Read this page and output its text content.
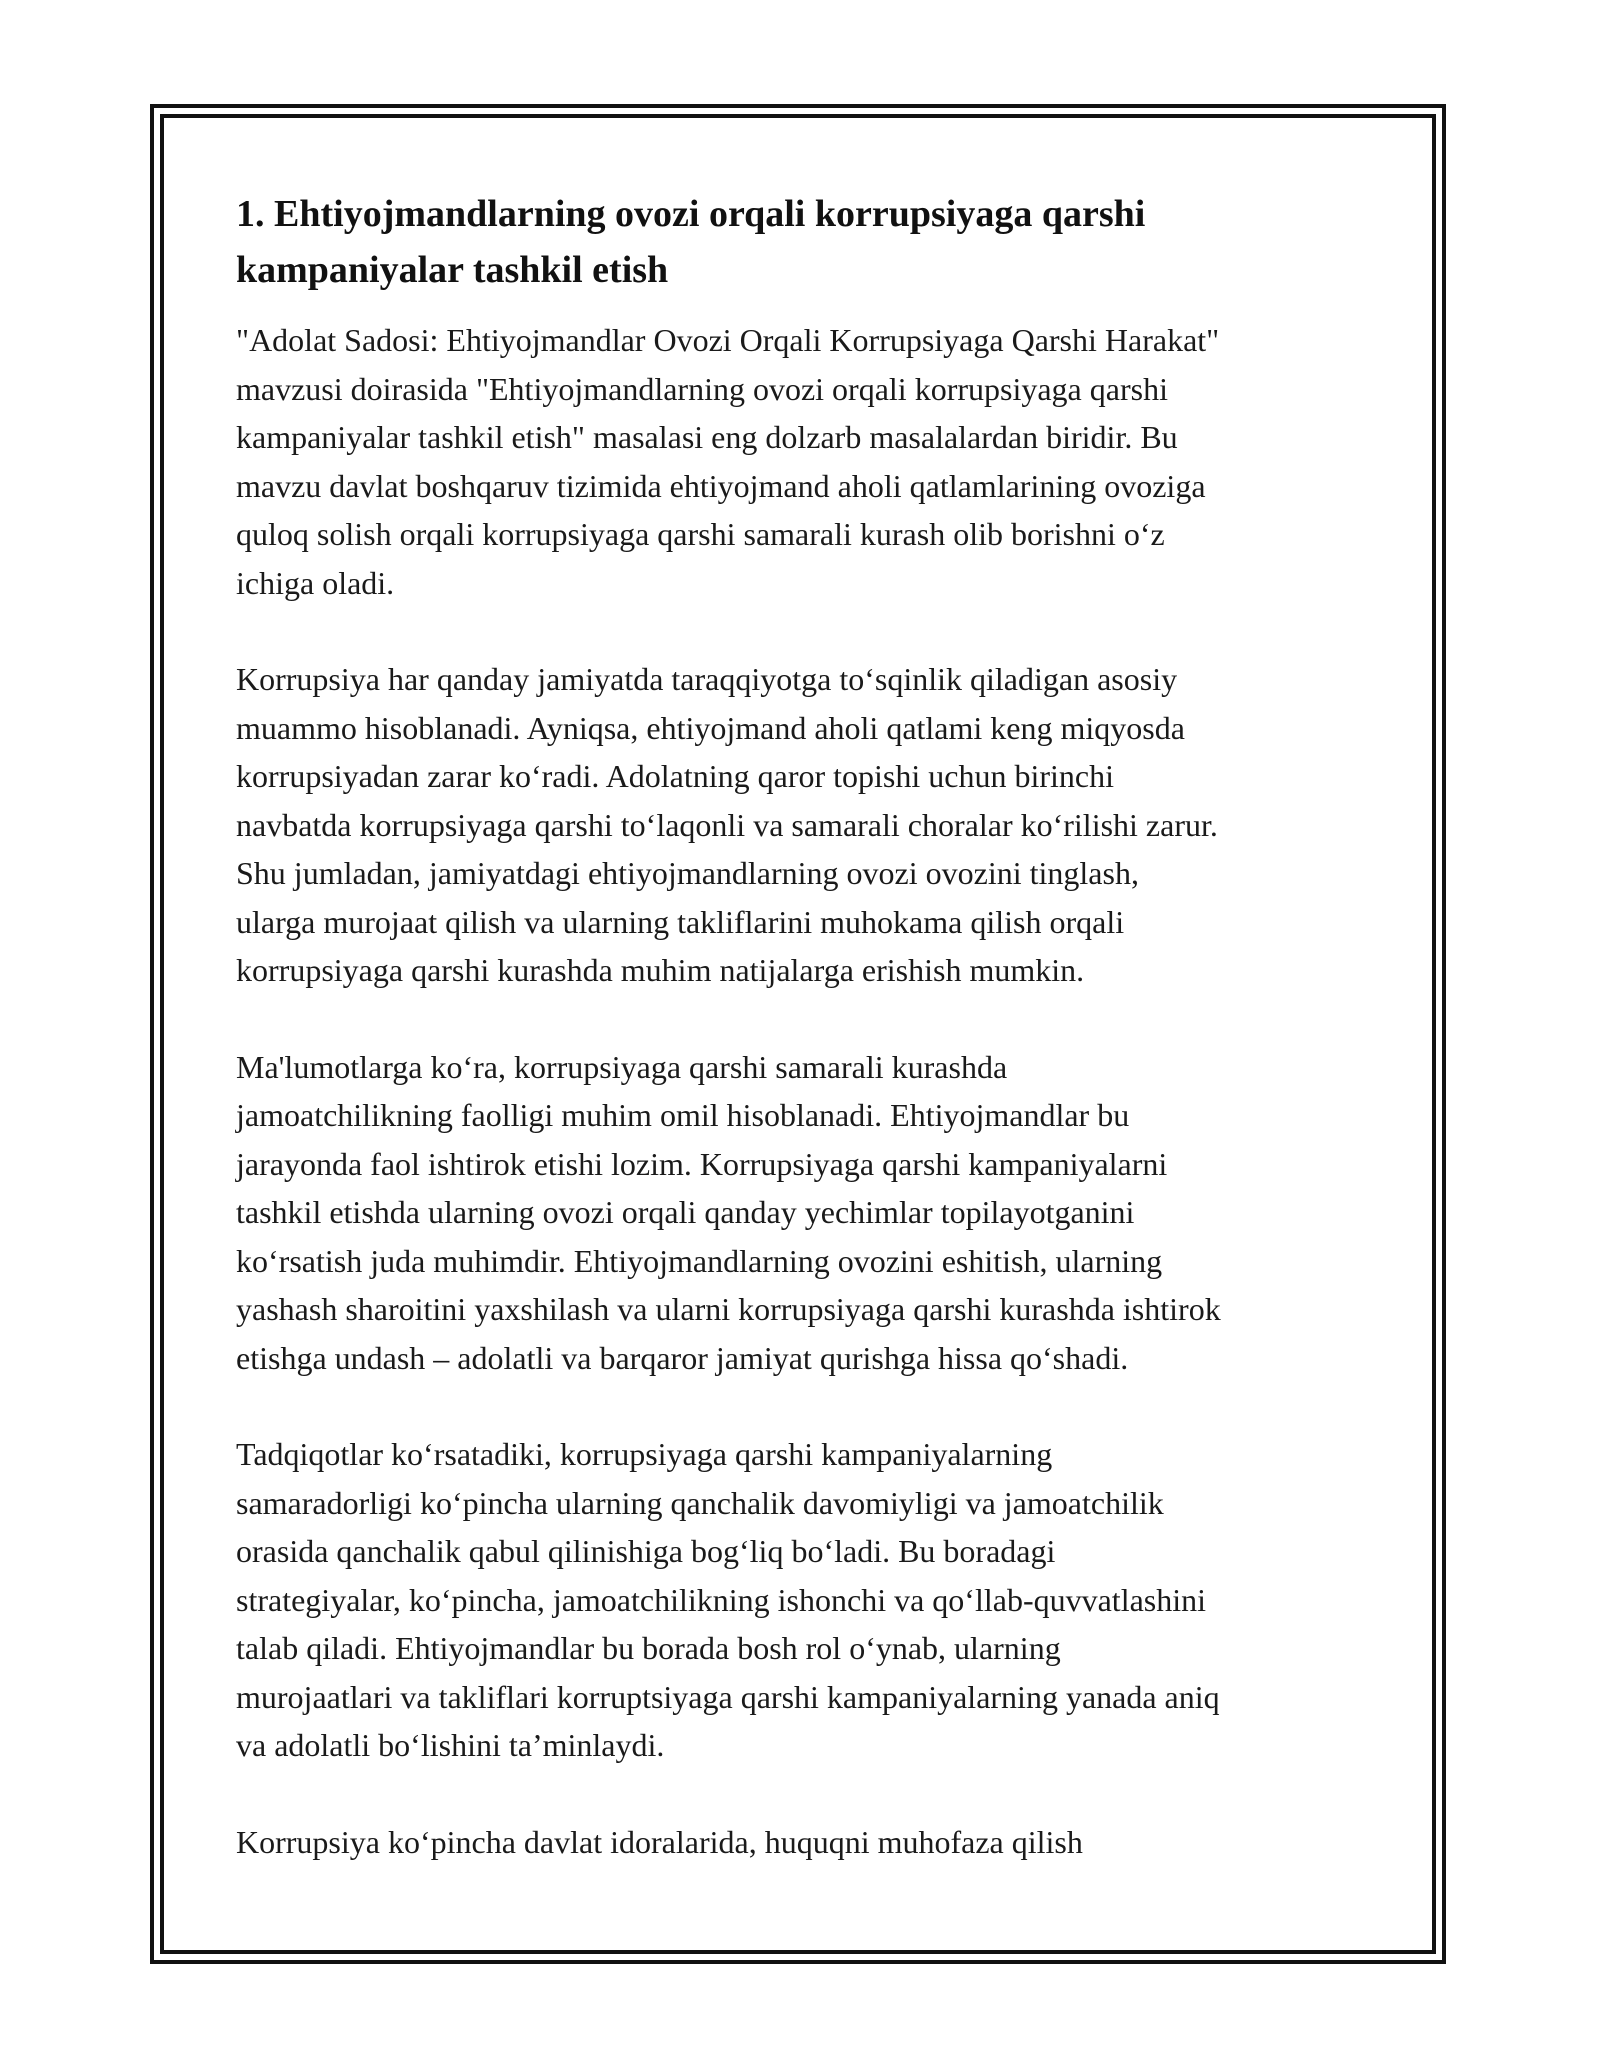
1. Ehtiyojmandlarning ovozi orqali korrupsiyaga qarshi
kampaniyalar tashkil etish

"Adolat Sadosi: Ehtiyojmandlar Ovozi Orqali Korrupsiyaga Qarshi Harakat"
mavzusi doirasida "Ehtiyojmandlarning ovozi orqali korrupsiyaga qarshi
kampaniyalar tashkil etish" masalasi eng dolzarb masalalardan biridir. Bu
mavzu davlat boshqaruv tizimida ehtiyojmand aholi qatlamlarining ovoziga
quloq solish orqali korrupsiyaga qarshi samarali kurash olib borishni o‘z
ichiga oladi.

Korrupsiya har qanday jamiyatda taraqqiyotga to‘sqinlik qiladigan asosiy
muammo hisoblanadi. Ayniqsa, ehtiyojmand aholi qatlami keng miqyosda
korrupsiyadan zarar ko‘radi. Adolatning qaror topishi uchun birinchi
navbatda korrupsiyaga qarshi to‘laqonli va samarali choralar ko‘rilishi zarur.
Shu jumladan, jamiyatdagi ehtiyojmandlarning ovozi ovozini tinglash,
ularga murojaat qilish va ularning takliflarini muhokama qilish orqali
korrupsiyaga qarshi kurashda muhim natijalarga erishish mumkin.

Ma'lumotlarga ko‘ra, korrupsiyaga qarshi samarali kurashda
jamoatchilikning faolligi muhim omil hisoblanadi. Ehtiyojmandlar bu
jarayonda faol ishtirok etishi lozim. Korrupsiyaga qarshi kampaniyalarni
tashkil etishda ularning ovozi orqali qanday yechimlar topilayotganini
ko‘rsatish juda muhimdir. Ehtiyojmandlarning ovozini eshitish, ularning
yashash sharoitini yaxshilash va ularni korrupsiyaga qarshi kurashda ishtirok
etishga undash – adolatli va barqaror jamiyat qurishga hissa qo‘shadi.

Tadqiqotlar ko‘rsatadiki, korrupsiyaga qarshi kampaniyalarning
samaradorligi ko‘pincha ularning qanchalik davomiyligi va jamoatchilik
orasida qanchalik qabul qilinishiga bog‘liq bo‘ladi. Bu boradagi
strategiyalar, ko‘pincha, jamoatchilikning ishonchi va qo‘llab-quvvatlashini
talab qiladi. Ehtiyojmandlar bu borada bosh rol o‘ynab, ularning
murojaatlari va takliflari korruptsiyaga qarshi kampaniyalarning yanada aniq
va adolatli bo‘lishini ta’minlaydi.

Korrupsiya ko‘pincha davlat idoralarida, huquqni muhofaza qilish
